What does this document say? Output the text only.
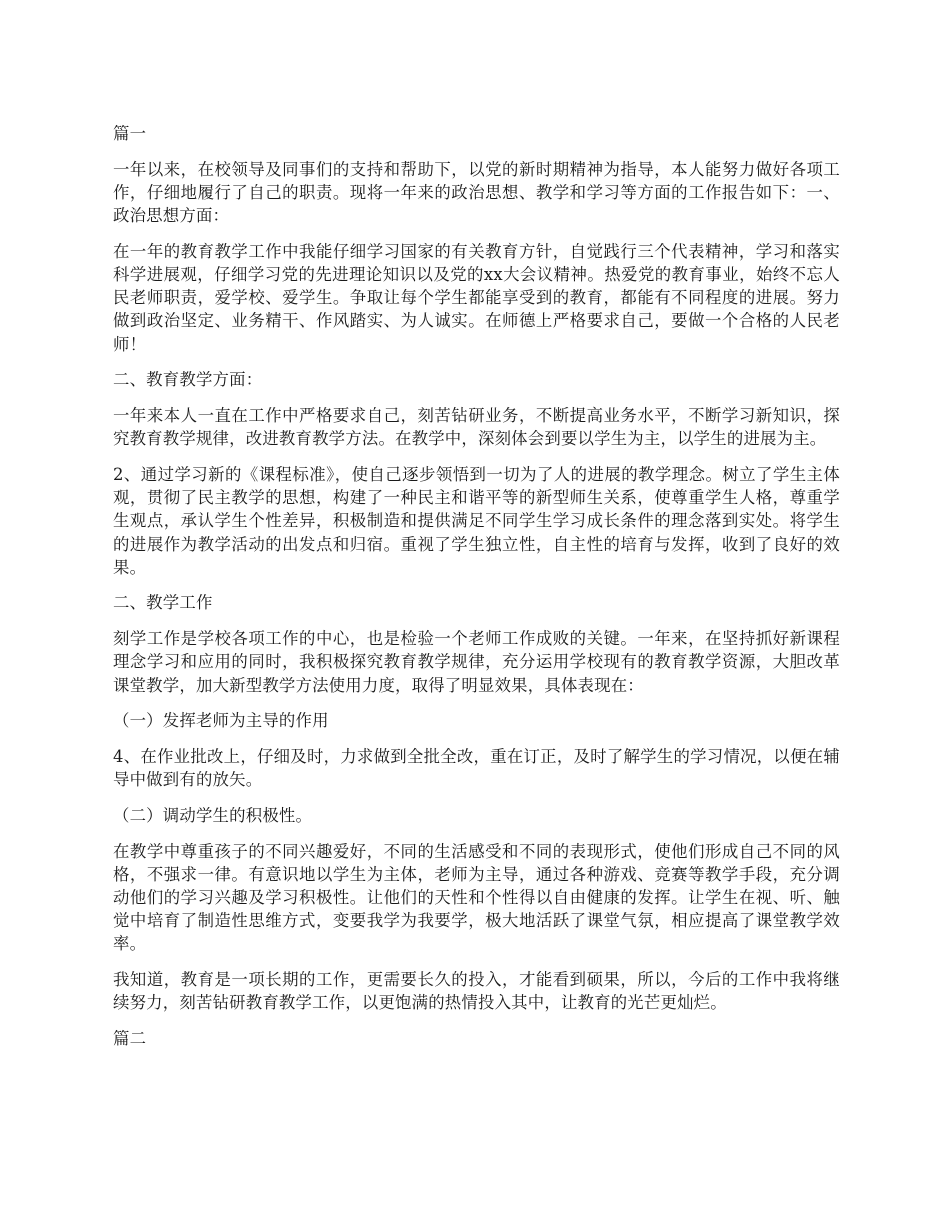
篇一

一年以来，在校领导及同事们的支持和帮助下，以党的新时期精神为指导，本人能努力做好各项工作，仔细地履行了自己的职责。现将一年来的政治思想、教学和学习等方面的工作报告如下：一、政治思想方面：

在一年的教育教学工作中我能仔细学习国家的有关教育方针，自觉践行三个代表精神，学习和落实科学进展观，仔细学习党的先进理论知识以及党的xx大会议精神。热爱党的教育事业，始终不忘人民老师职责，爱学校、爱学生。争取让每个学生都能享受到的教育，都能有不同程度的进展。努力做到政治坚定、业务精干、作风踏实、为人诚实。在师德上严格要求自己，要做一个合格的人民老师！

二、教育教学方面：

一年来本人一直在工作中严格要求自己，刻苦钻研业务，不断提高业务水平，不断学习新知识，探究教育教学规律，改进教育教学方法。在教学中，深刻体会到要以学生为主，以学生的进展为主。

2、通过学习新的《课程标准》，使自己逐步领悟到一切为了人的进展的教学理念。树立了学生主体观，贯彻了民主教学的思想，构建了一种民主和谐平等的新型师生关系，使尊重学生人格，尊重学生观点，承认学生个性差异，积极制造和提供满足不同学生学习成长条件的理念落到实处。将学生的进展作为教学活动的出发点和归宿。重视了学生独立性，自主性的培育与发挥，收到了良好的效果。

二、教学工作

刻学工作是学校各项工作的中心，也是检验一个老师工作成败的关键。一年来，在坚持抓好新课程理念学习和应用的同时，我积极探究教育教学规律，充分运用学校现有的教育教学资源，大胆改革课堂教学，加大新型教学方法使用力度，取得了明显效果，具体表现在：

（一）发挥老师为主导的作用

4、在作业批改上，仔细及时，力求做到全批全改，重在订正，及时了解学生的学习情况，以便在辅导中做到有的放矢。

（二）调动学生的积极性。

在教学中尊重孩子的不同兴趣爱好，不同的生活感受和不同的表现形式，使他们形成自己不同的风格，不强求一律。有意识地以学生为主体，老师为主导，通过各种游戏、竞赛等教学手段，充分调动他们的学习兴趣及学习积极性。让他们的天性和个性得以自由健康的发挥。让学生在视、听、触觉中培育了制造性思维方式，变要我学为我要学，极大地活跃了课堂气氛，相应提高了课堂教学效率。

我知道，教育是一项长期的工作，更需要长久的投入，才能看到硕果，所以，今后的工作中我将继续努力，刻苦钻研教育教学工作，以更饱满的热情投入其中，让教育的光芒更灿烂。

篇二
